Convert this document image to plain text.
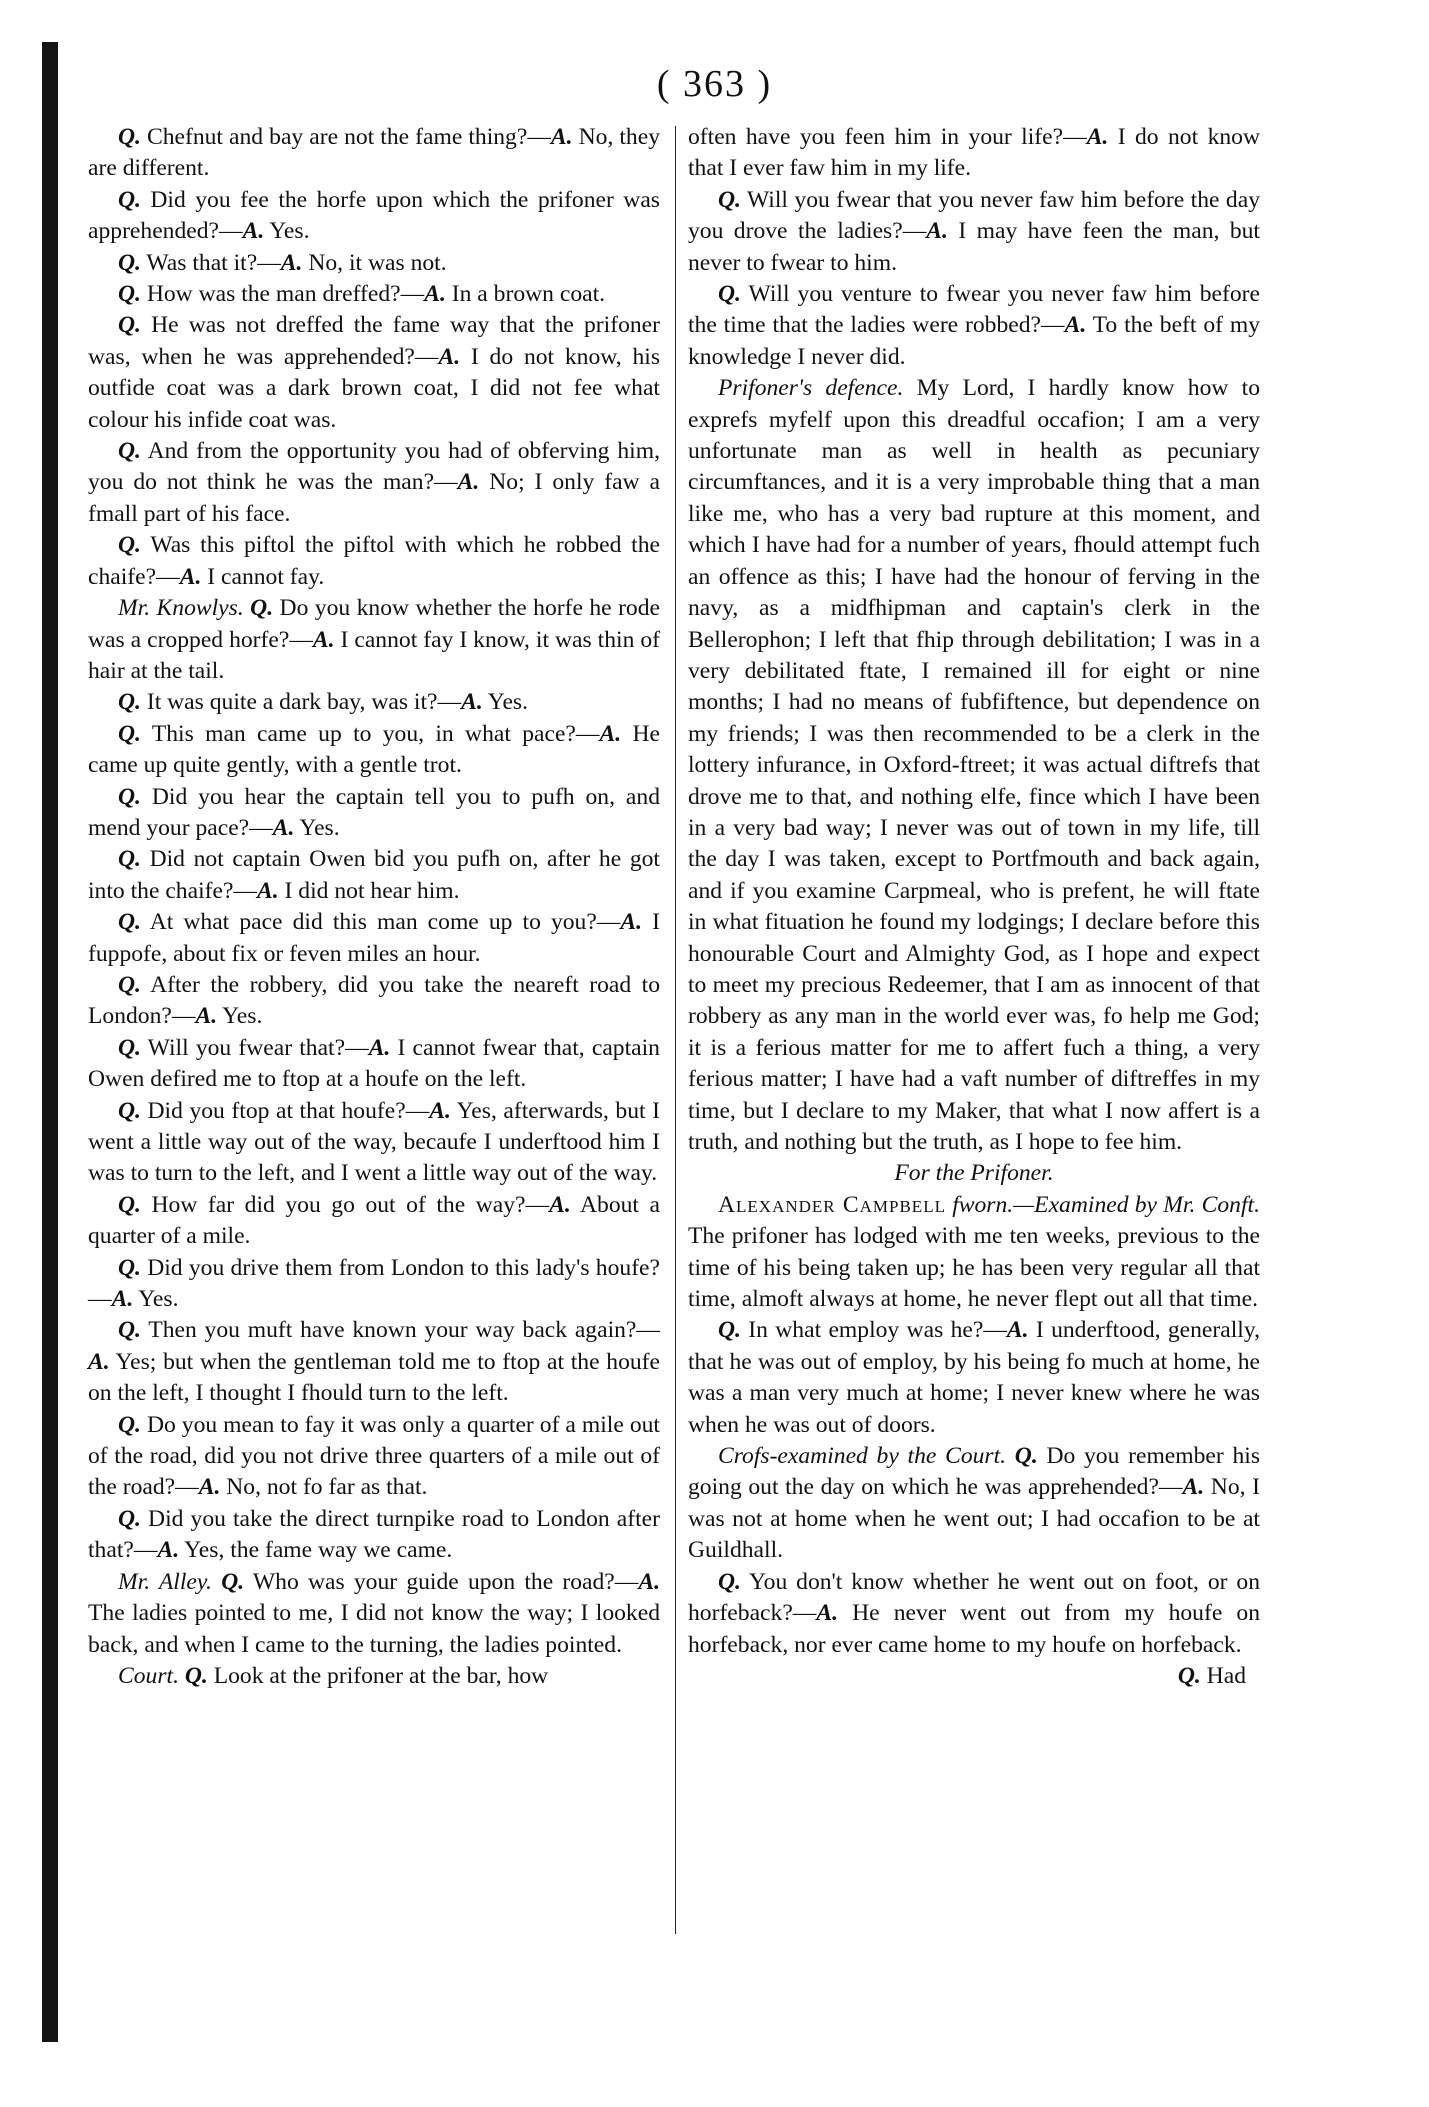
( 363 )

Q. Chefnut and bay are not the fame thing?—A. No, they are different.

Q. Did you fee the horfe upon which the prifoner was apprehended?—A. Yes.

Q. Was that it?—A. No, it was not.

Q. How was the man dreffed?—A. In a brown coat.

Q. He was not dreffed the fame way that the prifoner was, when he was apprehended?—A. I do not know, his outfide coat was a dark brown coat, I did not fee what colour his infide coat was.

Q. And from the opportunity you had of obferving him, you do not think he was the man?—A. No; I only faw a fmall part of his face.

Q. Was this piftol the piftol with which he robbed the chaife?—A. I cannot fay.

Mr. Knowlys. Q. Do you know whether the horfe he rode was a cropped horfe?—A. I cannot fay I know, it was thin of hair at the tail.

Q. It was quite a dark bay, was it?—A. Yes.

Q. This man came up to you, in what pace?—A. He came up quite gently, with a gentle trot.

Q. Did you hear the captain tell you to pufh on, and mend your pace?—A. Yes.

Q. Did not captain Owen bid you pufh on, after he got into the chaife?—A. I did not hear him.

Q. At what pace did this man come up to you?—A. I fuppofe, about fix or feven miles an hour.

Q. After the robbery, did you take the neareft road to London?—A. Yes.

Q. Will you fwear that?—A. I cannot fwear that, captain Owen defired me to ftop at a houfe on the left.

Q. Did you ftop at that houfe?—A. Yes, afterwards, but I went a little way out of the way, becaufe I underftood him I was to turn to the left, and I went a little way out of the way.

Q. How far did you go out of the way?—A. About a quarter of a mile.

Q. Did you drive them from London to this lady's houfe?—A. Yes.

Q. Then you muft have known your way back again?—A. Yes; but when the gentleman told me to ftop at the houfe on the left, I thought I fhould turn to the left.

Q. Do you mean to fay it was only a quarter of a mile out of the road, did you not drive three quarters of a mile out of the road?—A. No, not fo far as that.

Q. Did you take the direct turnpike road to London after that?—A. Yes, the fame way we came.

Mr. Alley. Q. Who was your guide upon the road?—A. The ladies pointed to me, I did not know the way; I looked back, and when I came to the turning, the ladies pointed.

Court. Q. Look at the prifoner at the bar, how

often have you feen him in your life?—A. I do not know that I ever faw him in my life.

Q. Will you fwear that you never faw him before the day you drove the ladies?—A. I may have feen the man, but never to fwear to him.

Q. Will you venture to fwear you never faw him before the time that the ladies were robbed?—A. To the beft of my knowledge I never did.

Prifoner's defence. My Lord, I hardly know how to exprefs myfelf upon this dreadful occafion; I am a very unfortunate man as well in health as pecuniary circumftances, and it is a very improbable thing that a man like me, who has a very bad rupture at this moment, and which I have had for a number of years, fhould attempt fuch an offence as this; I have had the honour of ferving in the navy, as a midfhipman and captain's clerk in the Bellerophon; I left that fhip through debilitation; I was in a very debilitated ftate, I remained ill for eight or nine months; I had no means of fubfiftence, but dependence on my friends; I was then recommended to be a clerk in the lottery infurance, in Oxford-ftreet; it was actual diftrefs that drove me to that, and nothing elfe, fince which I have been in a very bad way; I never was out of town in my life, till the day I was taken, except to Portfmouth and back again, and if you examine Carpmeal, who is prefent, he will ftate in what fituation he found my lodgings; I declare before this honourable Court and Almighty God, as I hope and expect to meet my precious Redeemer, that I am as innocent of that robbery as any man in the world ever was, fo help me God; it is a ferious matter for me to affert fuch a thing, a very ferious matter; I have had a vaft number of diftreffes in my time, but I declare to my Maker, that what I now affert is a truth, and nothing but the truth, as I hope to fee him.

For the Prifoner.

Alexander Campbell fworn.—Examined by Mr. Conft. The prifoner has lodged with me ten weeks, previous to the time of his being taken up; he has been very regular all that time, almoft always at home, he never flept out all that time.

Q. In what employ was he?—A. I underftood, generally, that he was out of employ, by his being fo much at home, he was a man very much at home; I never knew where he was when he was out of doors.

Crofs-examined by the Court. Q. Do you remember his going out the day on which he was apprehended?—A. No, I was not at home when he went out; I had occafion to be at Guildhall.

Q. You don't know whether he went out on foot, or on horfeback?—A. He never went out from my houfe on horfeback, nor ever came home to my houfe on horfeback.

Q. Had
